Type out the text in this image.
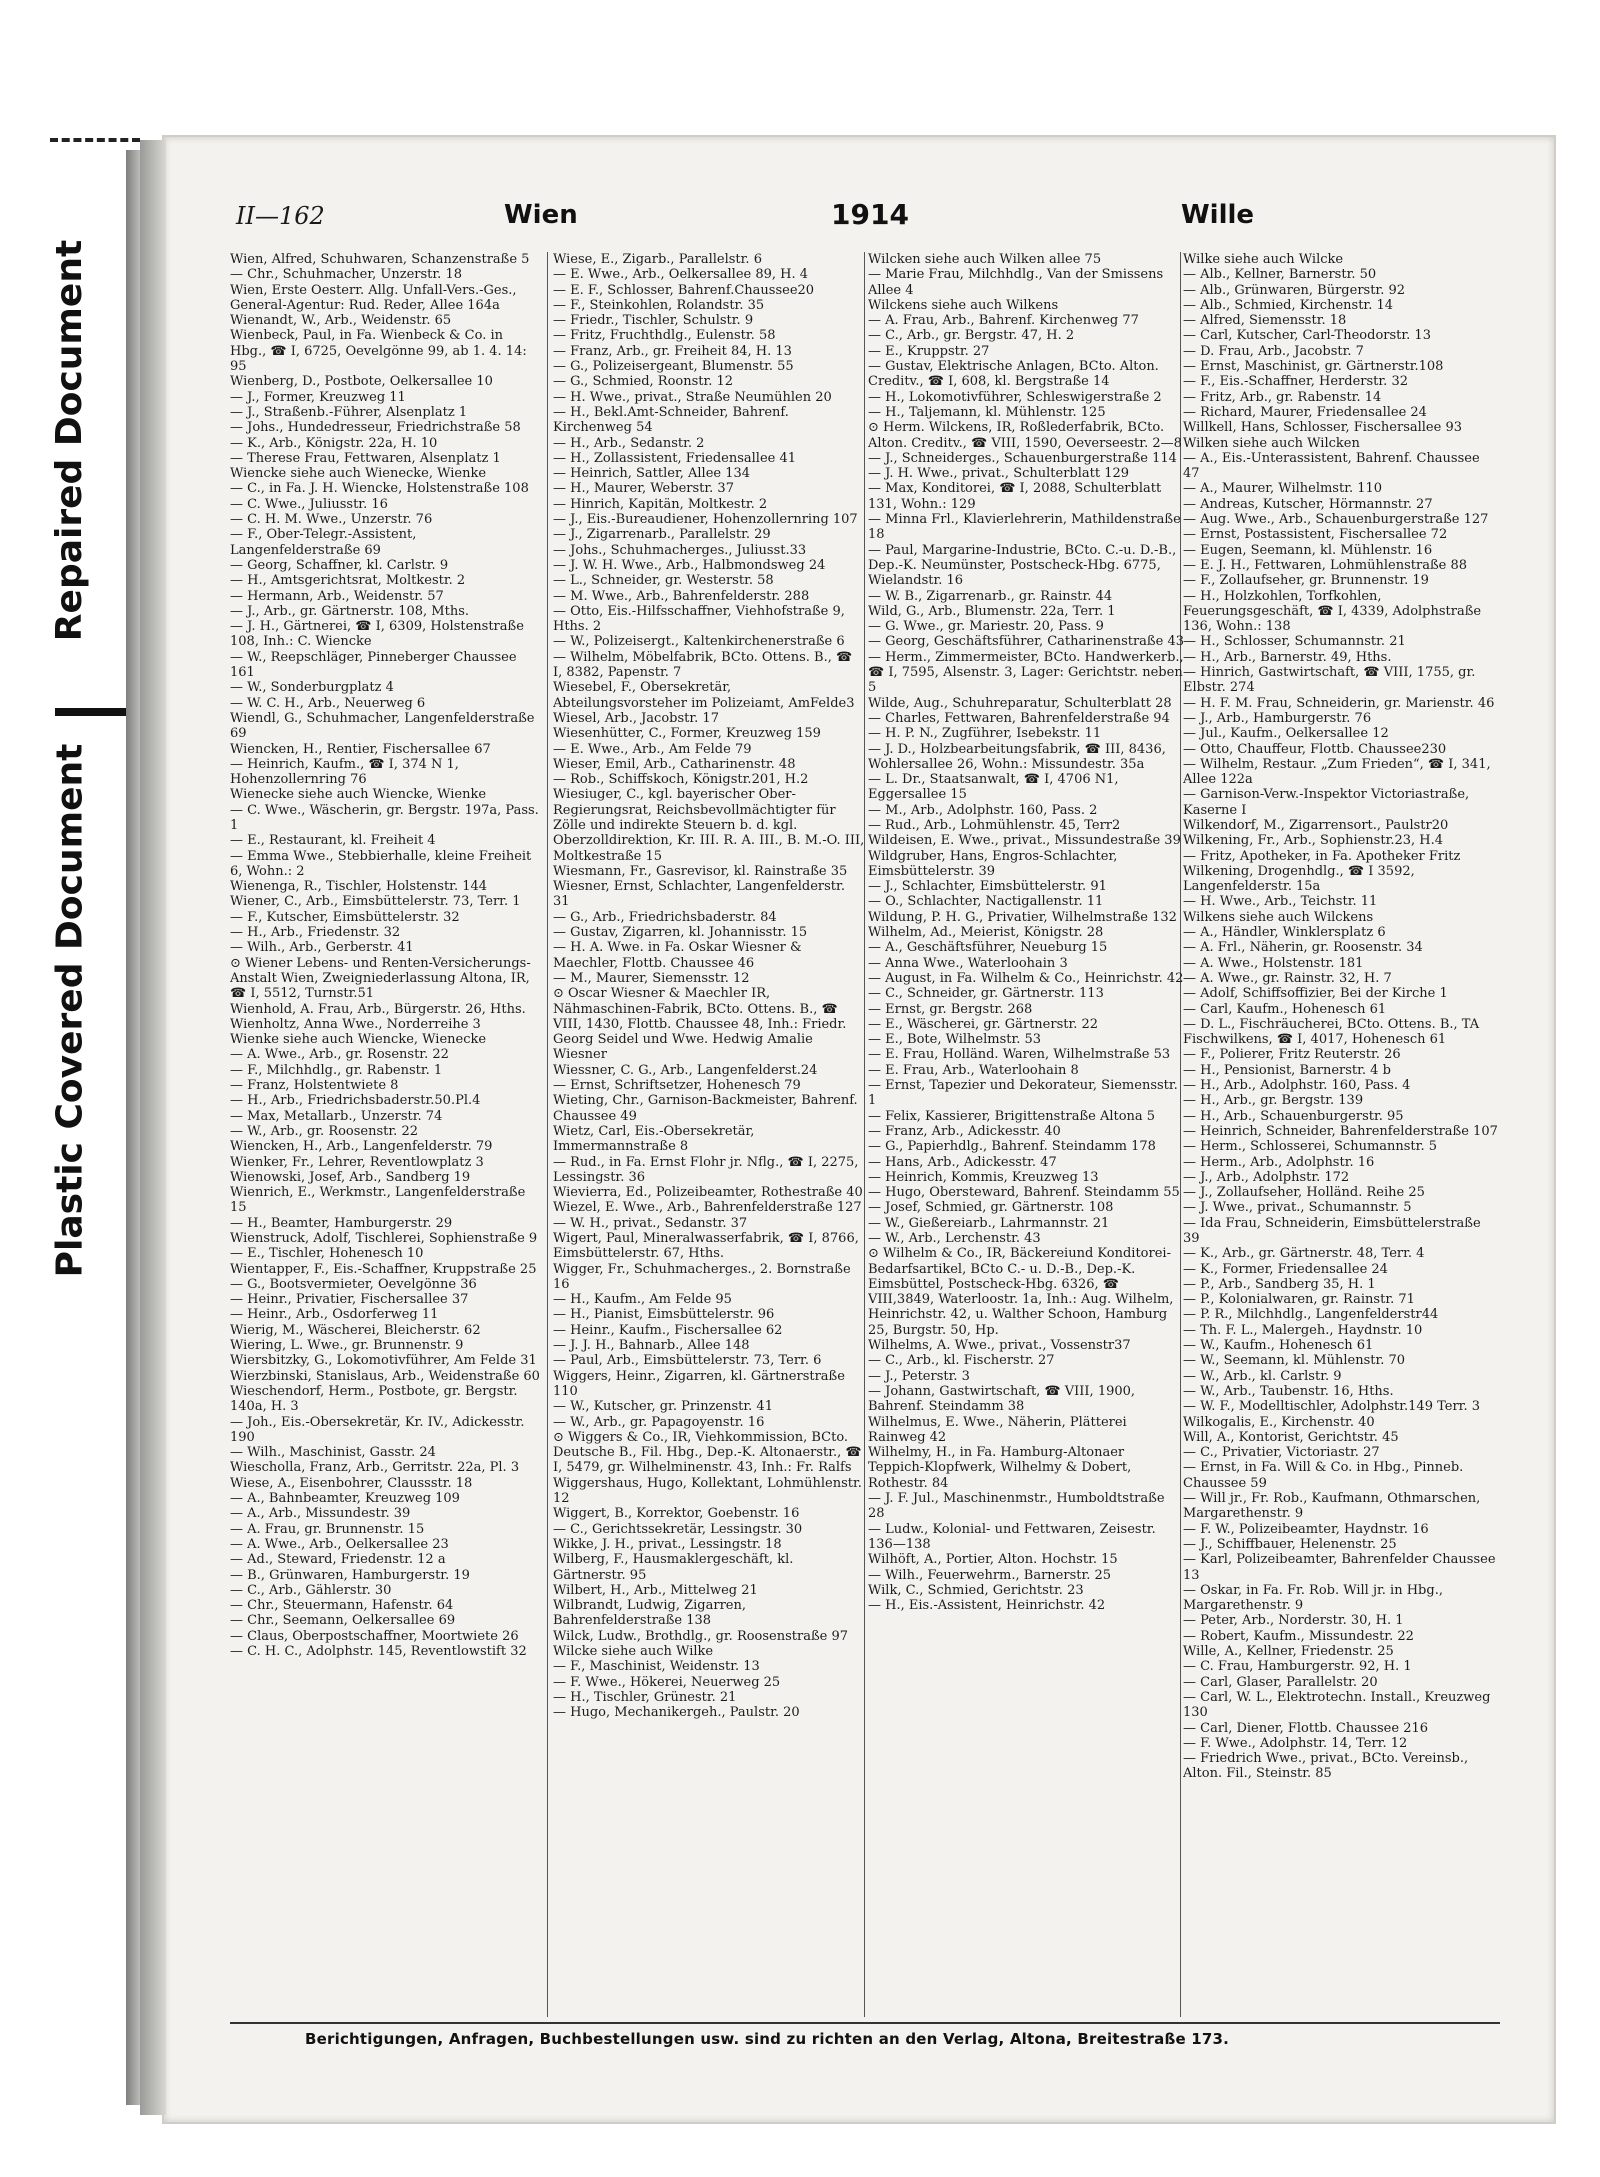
Repaired Document
Plastic Covered Document
II—162	Wien	1914	Wille
Wien, Alfred, Schuhwaren, Schanzenstraße 5
— Chr., Schuhmacher, Unzerstr. 18
Wien, Erste Oesterr. Allg. Unfall-Vers.-Ges., General-Agentur: Rud. Reder, Allee 164a
Wienandt, W., Arb., Weidenstr. 65
Wienbeck, Paul, in Fa. Wienbeck & Co. in Hbg., ☎ I, 6725, Oevelgönne 99, ab 1. 4. 14: 95
Wienberg, D., Postbote, Oelkersallee 10
— J., Former, Kreuzweg 11
— J., Straßenb.-Führer, Alsenplatz 1
— Johs., Hundedresseur, Friedrichstraße 58
— K., Arb., Königstr. 22a, H. 10
— Therese Frau, Fettwaren, Alsenplatz 1
Wiencke siehe auch Wienecke, Wienke
— C., in Fa. J. H. Wiencke, Holstenstraße 108
— C. Wwe., Juliusstr. 16
— C. H. M. Wwe., Unzerstr. 76
— F., Ober-Telegr.-Assistent, Langenfelderstraße 69
— Georg, Schaffner, kl. Carlstr. 9
— H., Amtsgerichtsrat, Moltkestr. 2
— Hermann, Arb., Weidenstr. 57
— J., Arb., gr. Gärtnerstr. 108, Mths.
— J. H., Gärtnerei, ☎ I, 6309, Holstenstraße 108, Inh.: C. Wiencke
— W., Reepschläger, Pinneberger Chaussee 161
— W., Sonderburgplatz 4
— W. C. H., Arb., Neuerweg 6
Wiendl, G., Schuhmacher, Langenfelderstraße 69
Wiencken, H., Rentier, Fischersallee 67
— Heinrich, Kaufm., ☎ I, 374 N 1, Hohenzollernring 76
Wienecke siehe auch Wiencke, Wienke
— C. Wwe., Wäscherin, gr. Bergstr. 197a, Pass. 1
— E., Restaurant, kl. Freiheit 4
— Emma Wwe., Stebbierhalle, kleine Freiheit 6, Wohn.: 2
Wienenga, R., Tischler, Holstenstr. 144
Wiener, C., Arb., Eimsbüttelerstr. 73, Terr. 1
— F., Kutscher, Eimsbüttelerstr. 32
— H., Arb., Friedenstr. 32
— Wilh., Arb., Gerberstr. 41
⊙ Wiener Lebens- und Renten-Versicherungs-Anstalt Wien, Zweigniederlassung Altona, IR, ☎ I, 5512, Turnstr.51
Wienhold, A. Frau, Arb., Bürgerstr. 26, Hths.
Wienholtz, Anna Wwe., Norderreihe 3
Wienke siehe auch Wiencke, Wienecke
— A. Wwe., Arb., gr. Rosenstr. 22
— F., Milchhdlg., gr. Rabenstr. 1
— Franz, Holstentwiete 8
— H., Arb., Friedrichsbaderstr.50.Pl.4
— Max, Metallarb., Unzerstr. 74
— W., Arb., gr. Roosenstr. 22
Wiencken, H., Arb., Langenfelderstr. 79
Wienker, Fr., Lehrer, Reventlowplatz 3
Wienowski, Josef, Arb., Sandberg 19
Wienrich, E., Werkmstr., Langenfelderstraße 15
— H., Beamter, Hamburgerstr. 29
Wienstruck, Adolf, Tischlerei, Sophienstraße 9
— E., Tischler, Hohenesch 10
Wientapper, F., Eis.-Schaffner, Kruppstraße 25
— G., Bootsvermieter, Oevelgönne 36
— Heinr., Privatier, Fischersallee 37
— Heinr., Arb., Osdorferweg 11
Wierig, M., Wäscherei, Bleicherstr. 62
Wiering, L. Wwe., gr. Brunnenstr. 9
Wiersbitzky, G., Lokomotivführer, Am Felde 31
Wierzbinski, Stanislaus, Arb., Weidenstraße 60
Wieschendorf, Herm., Postbote, gr. Bergstr. 140a, H. 3
— Joh., Eis.-Obersekretär, Kr. IV., Adickesstr. 190
— Wilh., Maschinist, Gasstr. 24
Wiescholla, Franz, Arb., Gerritstr. 22a, Pl. 3
Wiese, A., Eisenbohrer, Claussstr. 18
— A., Bahnbeamter, Kreuzweg 109
— A., Arb., Missundestr. 39
— A. Frau, gr. Brunnenstr. 15
— A. Wwe., Arb., Oelkersallee 23
— Ad., Steward, Friedenstr. 12 a
— B., Grünwaren, Hamburgerstr. 19
— C., Arb., Gählerstr. 30
— Chr., Steuermann, Hafenstr. 64
— Chr., Seemann, Oelkersallee 69
— Claus, Oberpostschaffner, Moortwiete 26
— C. H. C., Adolphstr. 145, Reventlowstift 32
Wiese, E., Zigarb., Parallelstr. 6
— E. Wwe., Arb., Oelkersallee 89, H. 4
— E. F., Schlosser, Bahrenf.Chaussee20
— F., Steinkohlen, Rolandstr. 35
— Friedr., Tischler, Schulstr. 9
— Fritz, Fruchthdlg., Eulenstr. 58
— Franz, Arb., gr. Freiheit 84, H. 13
— G., Polizeisergeant, Blumenstr. 55
— G., Schmied, Roonstr. 12
— H. Wwe., privat., Straße Neumühlen 20
— H., Bekl.Amt-Schneider, Bahrenf. Kirchenweg 54
— H., Arb., Sedanstr. 2
— H., Zollassistent, Friedensallee 41
— Heinrich, Sattler, Allee 134
— H., Maurer, Weberstr. 37
— Hinrich, Kapitän, Moltkestr. 2
— J., Eis.-Bureaudiener, Hohenzollernring 107
— J., Zigarrenarb., Parallelstr. 29
— Johs., Schuhmacherges., Juliusst.33
— J. W. H. Wwe., Arb., Halbmondsweg 24
— L., Schneider, gr. Westerstr. 58
— M. Wwe., Arb., Bahrenfelderstr. 288
— Otto, Eis.-Hilfsschaffner, Viehhofstraße 9, Hths. 2
— W., Polizeisergt., Kaltenkirchenerstraße 6
— Wilhelm, Möbelfabrik, BCto. Ottens. B., ☎ I, 8382, Papenstr. 7
Wiesebel, F., Obersekretär, Abteilungsvorsteher im Polizeiamt, AmFelde3
Wiesel, Arb., Jacobstr. 17
Wiesenhütter, C., Former, Kreuzweg 159
— E. Wwe., Arb., Am Felde 79
Wieser, Emil, Arb., Catharinenstr. 48
— Rob., Schiffskoch, Königstr.201, H.2
Wiesiuger, C., kgl. bayerischer Ober-Regierungsrat, Reichsbevollmächtigter für Zölle und indirekte Steuern b. d. kgl. Oberzolldirektion, Kr. III. R. A. III., B. M.-O. III, Moltkestraße 15
Wiesmann, Fr., Gasrevisor, kl. Rainstraße 35
Wiesner, Ernst, Schlachter, Langenfelderstr. 31
— G., Arb., Friedrichsbaderstr. 84
— Gustav, Zigarren, kl. Johannisstr. 15
— H. A. Wwe. in Fa. Oskar Wiesner & Maechler, Flottb. Chaussee 46
— M., Maurer, Siemensstr. 12
⊙ Oscar Wiesner & Maechler IR, Nähmaschinen-Fabrik, BCto. Ottens. B., ☎ VIII, 1430, Flottb. Chaussee 48, Inh.: Friedr. Georg Seidel und Wwe. Hedwig Amalie Wiesner
Wiessner, C. G., Arb., Langenfelderst.24
— Ernst, Schriftsetzer, Hohenesch 79
Wieting, Chr., Garnison-Backmeister, Bahrenf. Chaussee 49
Wietz, Carl, Eis.-Obersekretär, Immermannstraße 8
— Rud., in Fa. Ernst Flohr jr. Nflg., ☎ I, 2275, Lessingstr. 36
Wievierra, Ed., Polizeibeamter, Rothestraße 40
Wiezel, E. Wwe., Arb., Bahrenfelderstraße 127
— W. H., privat., Sedanstr. 37
Wigert, Paul, Mineralwasserfabrik, ☎ I, 8766, Eimsbüttelerstr. 67, Hths.
Wigger, Fr., Schuhmacherges., 2. Bornstraße 16
— H., Kaufm., Am Felde 95
— H., Pianist, Eimsbüttelerstr. 96
— Heinr., Kaufm., Fischersallee 62
— J. J. H., Bahnarb., Allee 148
— Paul, Arb., Eimsbüttelerstr. 73, Terr. 6
Wiggers, Heinr., Zigarren, kl. Gärtnerstraße 110
— W., Kutscher, gr. Prinzenstr. 41
— W., Arb., gr. Papagoyenstr. 16
⊙ Wiggers & Co., IR, Viehkommission, BCto. Deutsche B., Fil. Hbg., Dep.-K. Altonaerstr., ☎ I, 5479, gr. Wilhelminenstr. 43, Inh.: Fr. Ralfs
Wiggershaus, Hugo, Kollektant, Lohmühlenstr. 12
Wiggert, B., Korrektor, Goebenstr. 16
— C., Gerichtssekretär, Lessingstr. 30
Wikke, J. H., privat., Lessingstr. 18
Wilberg, F., Hausmaklergeschäft, kl. Gärtnerstr. 95
Wilbert, H., Arb., Mittelweg 21
Wilbrandt, Ludwig, Zigarren, Bahrenfelderstraße 138
Wilck, Ludw., Brothdlg., gr. Roosenstraße 97
Wilcke siehe auch Wilke
— F., Maschinist, Weidenstr. 13
— F. Wwe., Hökerei, Neuerweg 25
— H., Tischler, Grünestr. 21
— Hugo, Mechanikergeh., Paulstr. 20
Wilcken siehe auch Wilken allee 75
— Marie Frau, Milchhdlg., Van der Smissens Allee 4
Wilckens siehe auch Wilkens
— A. Frau, Arb., Bahrenf. Kirchenweg 77
— C., Arb., gr. Bergstr. 47, H. 2
— E., Kruppstr. 27
— Gustav, Elektrische Anlagen, BCto. Alton. Creditv., ☎ I, 608, kl. Bergstraße 14
— H., Lokomotivführer, Schleswigerstraße 2
— H., Taljemann, kl. Mühlenstr. 125
⊙ Herm. Wilckens, IR, Roßlederfabrik, BCto. Alton. Creditv., ☎ VIII, 1590, Oeverseestr. 2—8
— J., Schneiderges., Schauenburgerstraße 114
— J. H. Wwe., privat., Schulterblatt 129
— Max, Konditorei, ☎ I, 2088, Schulterblatt 131, Wohn.: 129
— Minna Frl., Klavierlehrerin, Mathildenstraße 18
— Paul, Margarine-Industrie, BCto. C.-u. D.-B., Dep.-K. Neumünster, Postscheck-Hbg. 6775, Wielandstr. 16
— W. B., Zigarrenarb., gr. Rainstr. 44
Wild, G., Arb., Blumenstr. 22a, Terr. 1
— G. Wwe., gr. Mariestr. 20, Pass. 9
— Georg, Geschäftsführer, Catharinenstraße 43
— Herm., Zimmermeister, BCto. Handwerkerb., ☎ I, 7595, Alsenstr. 3, Lager: Gerichtstr. neben 5
Wilde, Aug., Schuhreparatur, Schulterblatt 28
— Charles, Fettwaren, Bahrenfelderstraße 94
— H. P. N., Zugführer, Isebekstr. 11
— J. D., Holzbearbeitungsfabrik, ☎ III, 8436, Wohlersallee 26, Wohn.: Missundestr. 35a
— L. Dr., Staatsanwalt, ☎ I, 4706 N1, Eggersallee 15
— M., Arb., Adolphstr. 160, Pass. 2
— Rud., Arb., Lohmühlenstr. 45, Terr2
Wildeisen, E. Wwe., privat., Missundestraße 39
Wildgruber, Hans, Engros-Schlachter, Eimsbüttelerstr. 39
— J., Schlachter, Eimsbüttelerstr. 91
— O., Schlachter, Nactigallenstr. 11
Wildung, P. H. G., Privatier, Wilhelmstraße 132
Wilhelm, Ad., Meierist, Königstr. 28
— A., Geschäftsführer, Neueburg 15
— Anna Wwe., Waterloohain 3
— August, in Fa. Wilhelm & Co., Heinrichstr. 42
— C., Schneider, gr. Gärtnerstr. 113
— Ernst, gr. Bergstr. 268
— E., Wäscherei, gr. Gärtnerstr. 22
— E., Bote, Wilhelmstr. 53
— E. Frau, Holländ. Waren, Wilhelmstraße 53
— E. Frau, Arb., Waterloohain 8
— Ernst, Tapezier und Dekorateur, Siemensstr. 1
— Felix, Kassierer, Brigittenstraße Altona 5
— Franz, Arb., Adickesstr. 40
— G., Papierhdlg., Bahrenf. Steindamm 178
— Hans, Arb., Adickesstr. 47
— Heinrich, Kommis, Kreuzweg 13
— Hugo, Obersteward, Bahrenf. Steindamm 55
— Josef, Schmied, gr. Gärtnerstr. 108
— W., Gießereiarb., Lahrmannstr. 21
— W., Arb., Lerchenstr. 43
⊙ Wilhelm & Co., IR, Bäckereiund Konditorei-Bedarfsartikel, BCto C.- u. D.-B., Dep.-K. Eimsbüttel, Postscheck-Hbg. 6326, ☎ VIII,3849, Waterloostr. 1a, Inh.: Aug. Wilhelm, Heinrichstr. 42, u. Walther Schoon, Hamburg 25, Burgstr. 50, Hp.
Wilhelms, A. Wwe., privat., Vossenstr37
— C., Arb., kl. Fischerstr. 27
— J., Peterstr. 3
— Johann, Gastwirtschaft, ☎ VIII, 1900, Bahrenf. Steindamm 38
Wilhelmus, E. Wwe., Näherin, Plätterei Rainweg 42
Wilhelmy, H., in Fa. Hamburg-Altonaer Teppich-Klopfwerk, Wilhelmy & Dobert, Rothestr. 84
— J. F. Jul., Maschinenmstr., Humboldtstraße 28
— Ludw., Kolonial- und Fettwaren, Zeisestr. 136—138
Wilhöft, A., Portier, Alton. Hochstr. 15
— Wilh., Feuerwehrm., Barnerstr. 25
Wilk, C., Schmied, Gerichtstr. 23
— H., Eis.-Assistent, Heinrichstr. 42
Wilke siehe auch Wilcke
— Alb., Kellner, Barnerstr. 50
— Alb., Grünwaren, Bürgerstr. 92
— Alb., Schmied, Kirchenstr. 14
— Alfred, Siemensstr. 18
— Carl, Kutscher, Carl-Theodorstr. 13
— D. Frau, Arb., Jacobstr. 7
— Ernst, Maschinist, gr. Gärtnerstr.108
— F., Eis.-Schaffner, Herderstr. 32
— Fritz, Arb., gr. Rabenstr. 14
— Richard, Maurer, Friedensallee 24
Willkell, Hans, Schlosser, Fischersallee 93
Wilken siehe auch Wilcken
— A., Eis.-Unterassistent, Bahrenf. Chaussee 47
— A., Maurer, Wilhelmstr. 110
— Andreas, Kutscher, Hörmannstr. 27
— Aug. Wwe., Arb., Schauenburgerstraße 127
— Ernst, Postassistent, Fischersallee 72
— Eugen, Seemann, kl. Mühlenstr. 16
— E. J. H., Fettwaren, Lohmühlenstraße 88
— F., Zollaufseher, gr. Brunnenstr. 19
— H., Holzkohlen, Torfkohlen, Feuerungsgeschäft, ☎ I, 4339, Adolphstraße 136, Wohn.: 138
— H., Schlosser, Schumannstr. 21
— H., Arb., Barnerstr. 49, Hths.
— Hinrich, Gastwirtschaft, ☎ VIII, 1755, gr. Elbstr. 274
— H. F. M. Frau, Schneiderin, gr. Marienstr. 46
— J., Arb., Hamburgerstr. 76
— Jul., Kaufm., Oelkersallee 12
— Otto, Chauffeur, Flottb. Chaussee230
— Wilhelm, Restaur. „Zum Frieden“, ☎ I, 341, Allee 122a
— Garnison-Verw.-Inspektor Victoriastraße, Kaserne I
Wilkendorf, M., Zigarrensort., Paulstr20
Wilkening, Fr., Arb., Sophienstr.23, H.4
— Fritz, Apotheker, in Fa. Apotheker Fritz Wilkening, Drogenhdlg., ☎ I 3592, Langenfelderstr. 15a
— H. Wwe., Arb., Teichstr. 11
Wilkens siehe auch Wilckens
— A., Händler, Winklersplatz 6
— A. Frl., Näherin, gr. Roosenstr. 34
— A. Wwe., Holstenstr. 181
— A. Wwe., gr. Rainstr. 32, H. 7
— Adolf, Schiffsoffizier, Bei der Kirche 1
— Carl, Kaufm., Hohenesch 61
— D. L., Fischräucherei, BCto. Ottens. B., TA Fischwilkens, ☎ I, 4017, Hohenesch 61
— F., Polierer, Fritz Reuterstr. 26
— H., Pensionist, Barnerstr. 4 b
— H., Arb., Adolphstr. 160, Pass. 4
— H., Arb., gr. Bergstr. 139
— H., Arb., Schauenburgerstr. 95
— Heinrich, Schneider, Bahrenfelderstraße 107
— Herm., Schlosserei, Schumannstr. 5
— Herm., Arb., Adolphstr. 16
— J., Arb., Adolphstr. 172
— J., Zollaufseher, Holländ. Reihe 25
— J. Wwe., privat., Schumannstr. 5
— Ida Frau, Schneiderin, Eimsbüttelerstraße 39
— K., Arb., gr. Gärtnerstr. 48, Terr. 4
— K., Former, Friedensallee 24
— P., Arb., Sandberg 35, H. 1
— P., Kolonialwaren, gr. Rainstr. 71
— P. R., Milchhdlg., Langenfelderstr44
— Th. F. L., Malergeh., Haydnstr. 10
— W., Kaufm., Hohenesch 61
— W., Seemann, kl. Mühlenstr. 70
— W., Arb., kl. Carlstr. 9
— W., Arb., Taubenstr. 16, Hths.
— W. F., Modelltischler, Adolphstr.149 Terr. 3
Wilkogalis, E., Kirchenstr. 40
Will, A., Kontorist, Gerichtstr. 45
— C., Privatier, Victoriastr. 27
— Ernst, in Fa. Will & Co. in Hbg., Pinneb. Chaussee 59
— Will jr., Fr. Rob., Kaufmann, Othmarschen, Margarethenstr. 9
— F. W., Polizeibeamter, Haydnstr. 16
— J., Schiffbauer, Helenenstr. 25
— Karl, Polizeibeamter, Bahrenfelder Chaussee 13
— Oskar, in Fa. Fr. Rob. Will jr. in Hbg., Margarethenstr. 9
— Peter, Arb., Norderstr. 30, H. 1
— Robert, Kaufm., Missundestr. 22
Wille, A., Kellner, Friedenstr. 25
— C. Frau, Hamburgerstr. 92, H. 1
— Carl, Glaser, Parallelstr. 20
— Carl, W. L., Elektrotechn. Install., Kreuzweg 130
— Carl, Diener, Flottb. Chaussee 216
— F. Wwe., Adolphstr. 14, Terr. 12
— Friedrich Wwe., privat., BCto. Vereinsb., Alton. Fil., Steinstr. 85
Berichtigungen, Anfragen, Buchbestellungen usw. sind zu richten an den Verlag, Altona, Breitestraße 173.
